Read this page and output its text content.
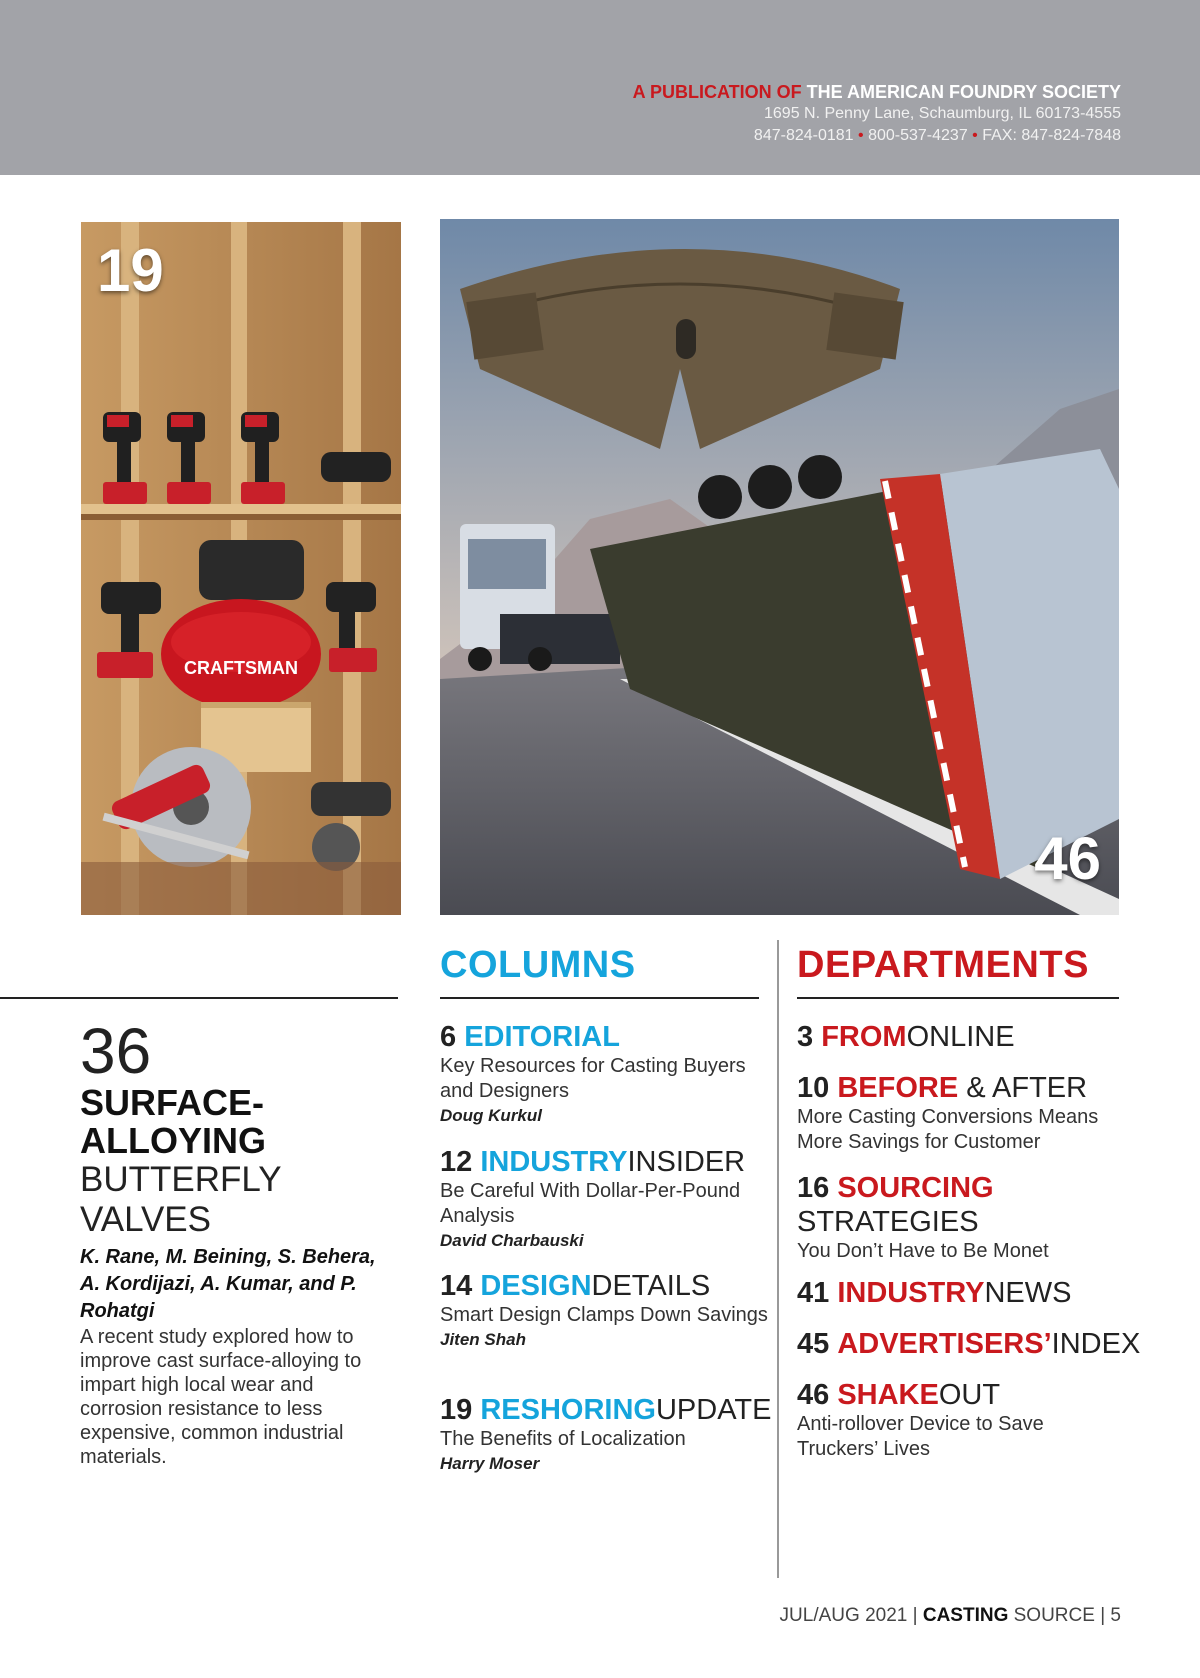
A PUBLICATION OF THE AMERICAN FOUNDRY SOCIETY
1695 N. Penny Lane, Schaumburg, IL 60173-4555
847-824-0181 • 800-537-4237 • FAX: 847-824-7848
CRAFTSMAN
19
46
COLUMNS	DEPARTMENTS
36
SURFACE-ALLOYING
BUTTERFLY VALVES
K. Rane, M. Beining, S. Behera, A. Kordijazi, A. Kumar, and P. Rohatgi
A recent study explored how to improve cast surface-alloying to impart high local wear and corrosion resistance to less expensive, common industrial materials.
6 EDITORIAL
Key Resources for Casting Buyers and Designers
Doug Kurkul
12 INDUSTRYINSIDER
Be Careful With Dollar-Per-Pound Analysis
David Charbauski
14 DESIGNDETAILS
Smart Design Clamps Down Savings
Jiten Shah
19 RESHORINGUPDATE
The Benefits of Localization
Harry Moser
3 FROMONLINE
10 BEFORE & AFTER
More Casting Conversions Means More Savings for Customer
16 SOURCING
STRATEGIES
You Don’t Have to Be Monet
41 INDUSTRYNEWS
45 ADVERTISERS’INDEX
46 SHAKEOUT
Anti-rollover Device to Save Truckers’ Lives
JUL/AUG 2021 | CASTING SOURCE | 5
